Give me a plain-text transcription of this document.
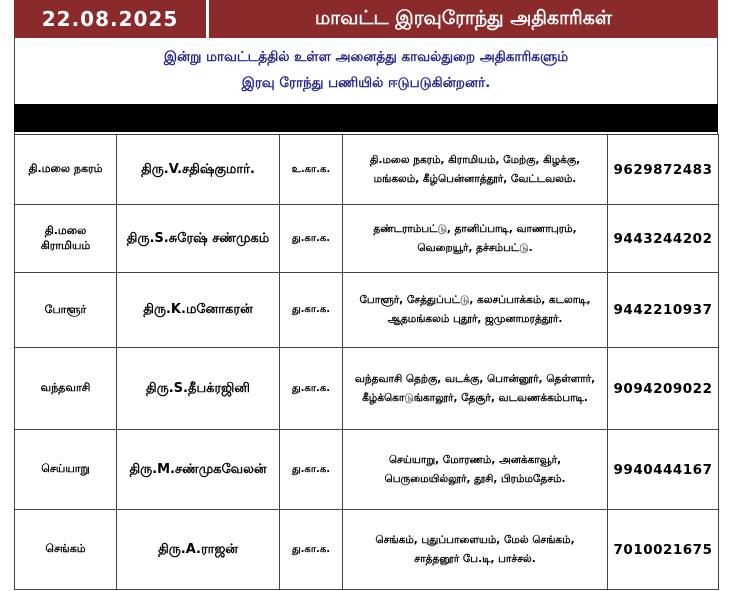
22.08.2025	மாவட்ட இரவுரோந்து அதிகாரிகள்
இன்று மாவட்டத்தில் உள்ள அனைத்து காவல்துறை அதிகாரிகளும்
இரவு ரோந்து பணியில் ஈடுபடுகின்றனர்.
தி.மலை நகரம்	திரு.V.சதிஷ்குமார்.	உ.கா.க.	தி.மலை நகரம், கிராமியம், மேற்கு, கிழக்கு,
மங்கலம், கீழ்பென்னாத்தூர், வேட்டவலம்.	9629872483
தி.மலை கிராமியம்	திரு.S.சுரேஷ் சண்முகம்	து.கா.க.	தண்டராம்பட்டு, தானிப்பாடி, வாணாபுரம்,
வெறையூர், தச்சம்பட்டு.	9443244202
போளூர்	திரு.K.மனோகரன்	து.கா.க.	போளூர், சேத்துப்பட்டு, கலசப்பாக்கம், கடலாடி,
ஆதமங்கலம் புதூர், ஜமுனாமரத்தூர்.	9442210937
வந்தவாசி	திரு.S.தீபக்ரஜினி	து.கா.க.	வந்தவாசி தெற்கு, வடக்கு, பொன்னூர், தெள்ளார்,
கீழ்க்கொடுங்காலூர், தேசூர், வடவணக்கம்பாடி.	9094209022
செய்யாறு	திரு.M.சண்முகவேலன்	து.கா.க.	செய்யாறு, மோரணம், அனக்காவூர்,
பெருமையில்லூர், தூசி, பிரம்மதேசம்.	9940444167
செங்கம்	திரு.A.ராஜன்	து.கா.க.	செங்கம், புதுப்பாளையம், மேல் செங்கம்,
சாத்தனூர் பே.டி, பாச்சல்.	7010021675
